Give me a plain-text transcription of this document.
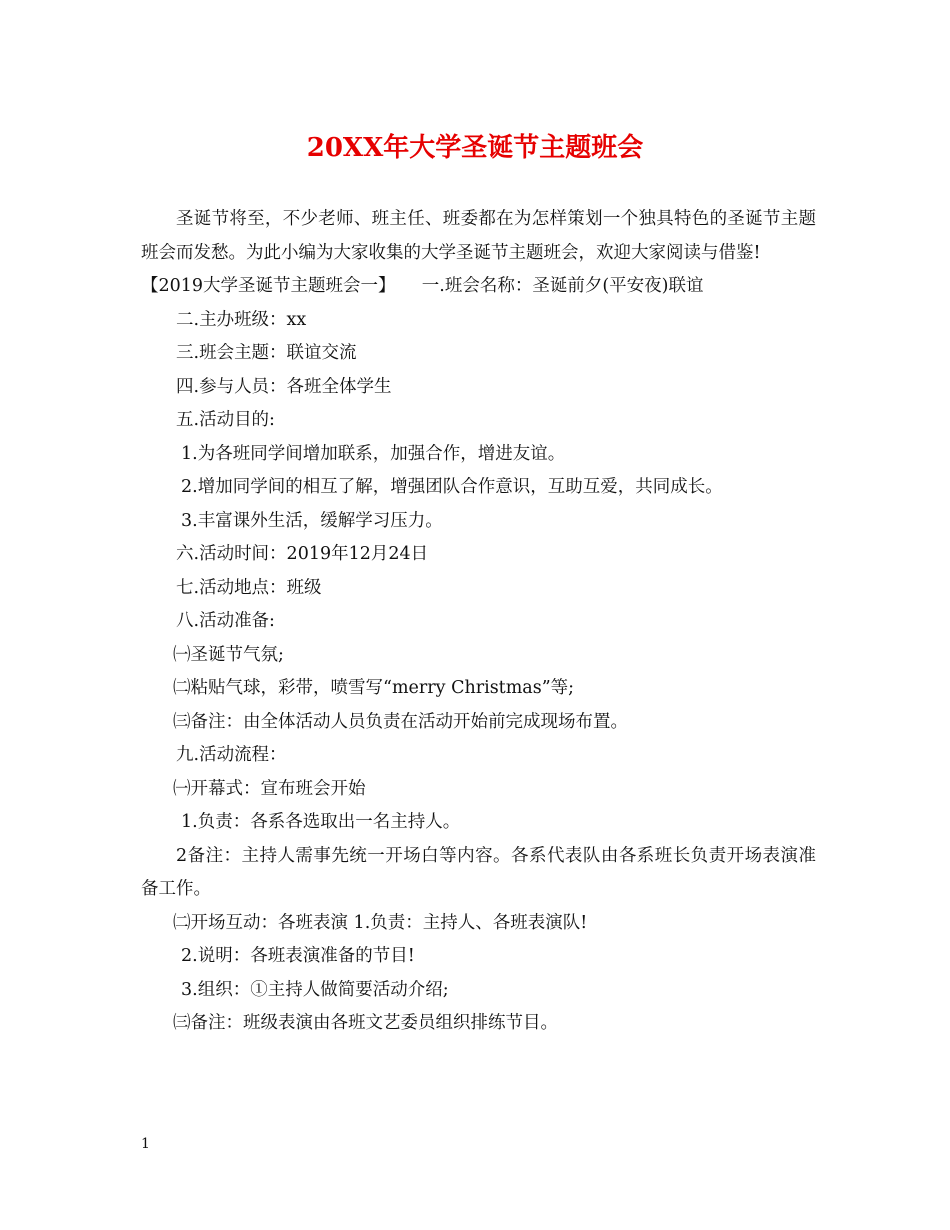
20XX年大学圣诞节主题班会
圣诞节将至，不少老师、班主任、班委都在为怎样策划一个独具特色的圣诞节主题班会而发愁。为此小编为大家收集的大学圣诞节主题班会，欢迎大家阅读与借鉴!
【2019大学圣诞节主题班会一】　　一.班会名称：圣诞前夕(平安夜)联谊
二.主办班级：xx
三.班会主题：联谊交流
四.参与人员：各班全体学生
五.活动目的:
1.为各班同学间增加联系，加强合作，增进友谊。
2.增加同学间的相互了解，增强团队合作意识，互助互爱，共同成长。
3.丰富课外生活，缓解学习压力。
六.活动时间：2019年12月24日
七.活动地点：班级
八.活动准备:
㈠圣诞节气氛;
㈡粘贴气球，彩带，喷雪写“merry Christmas”等;
㈢备注：由全体活动人员负责在活动开始前完成现场布置。
九.活动流程：
㈠开幕式：宣布班会开始
1.负责：各系各选取出一名主持人。
2备注：主持人需事先统一开场白等内容。各系代表队由各系班长负责开场表演准备工作。
㈡开场互动：各班表演 1.负责：主持人、各班表演队!
2.说明：各班表演准备的节目!
3.组织：①主持人做简要活动介绍;
㈢备注：班级表演由各班文艺委员组织排练节目。
1
